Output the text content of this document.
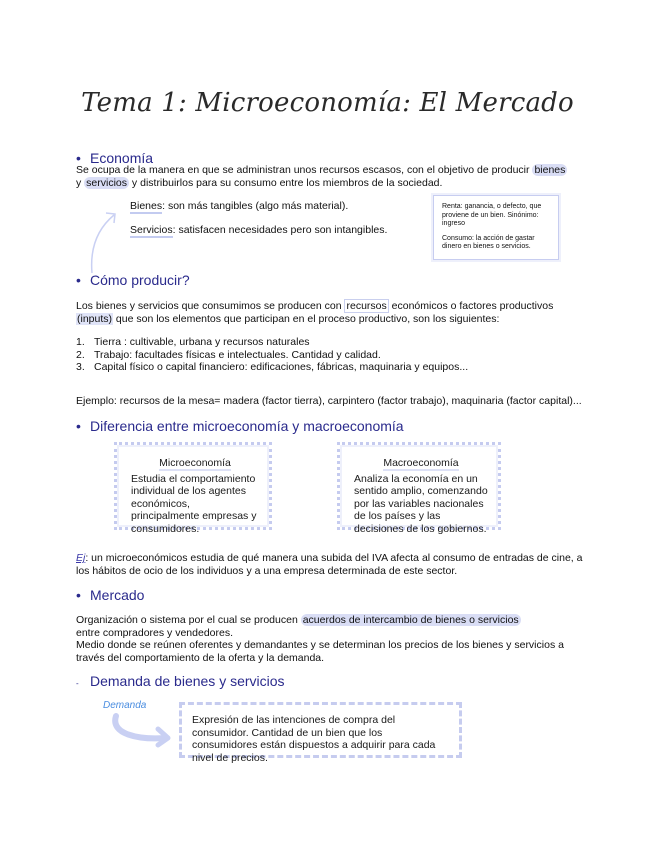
Tema 1: Microeconomía: El Mercado
• Economía
Se ocupa de la manera en que se administran unos recursos escasos, con el objetivo de producir bienes y servicios y distribuirlos para su consumo entre los miembros de la sociedad.
Bienes: son más tangibles (algo más material).
Servicios: satisfacen necesidades pero son intangibles.

Renta: ganancia, o defecto, que proviene de un bien. Sinónimo: ingreso

Consumo: la acción de gastar dinero en bienes o servicios.

• Cómo producir?
Los bienes y servicios que consumimos se producen con recursos económicos o factores productivos (inputs) que son los elementos que participan en el proceso productivo, son los siguientes:
1. Tierra : cultivable, urbana y recursos naturales
2. Trabajo: facultades físicas e intelectuales. Cantidad y calidad.
3. Capital físico o capital financiero: edificaciones, fábricas, maquinaria y equipos...
Ejemplo: recursos de la mesa= madera (factor tierra), carpintero (factor trabajo), maquinaria (factor capital)...
• Diferencia entre microeconomía y macroeconomía
Microeconomía
Estudia el comportamiento individual de los agentes económicos, principalmente empresas y consumidores.
Macroeconomía
Analiza la economía en un sentido amplio, comenzando por las variables nacionales de los países y las decisiones de los gobiernos.
Ej: un microeconómicos estudia de qué manera una subida del IVA afecta al consumo de entradas de cine, a los hábitos de ocio de los individuos y a una empresa determinada de este sector.
• Mercado
Organización o sistema por el cual se producen acuerdos de intercambio de bienes o servicios entre compradores y vendedores.
Medio donde se reúnen oferentes y demandantes y se determinan los precios de los bienes y servicios a través del comportamiento de la oferta y la demanda.
- Demanda de bienes y servicios
Demanda
Expresión de las intenciones de compra del consumidor. Cantidad de un bien que los consumidores están dispuestos a adquirir para cada nivel de precios.
